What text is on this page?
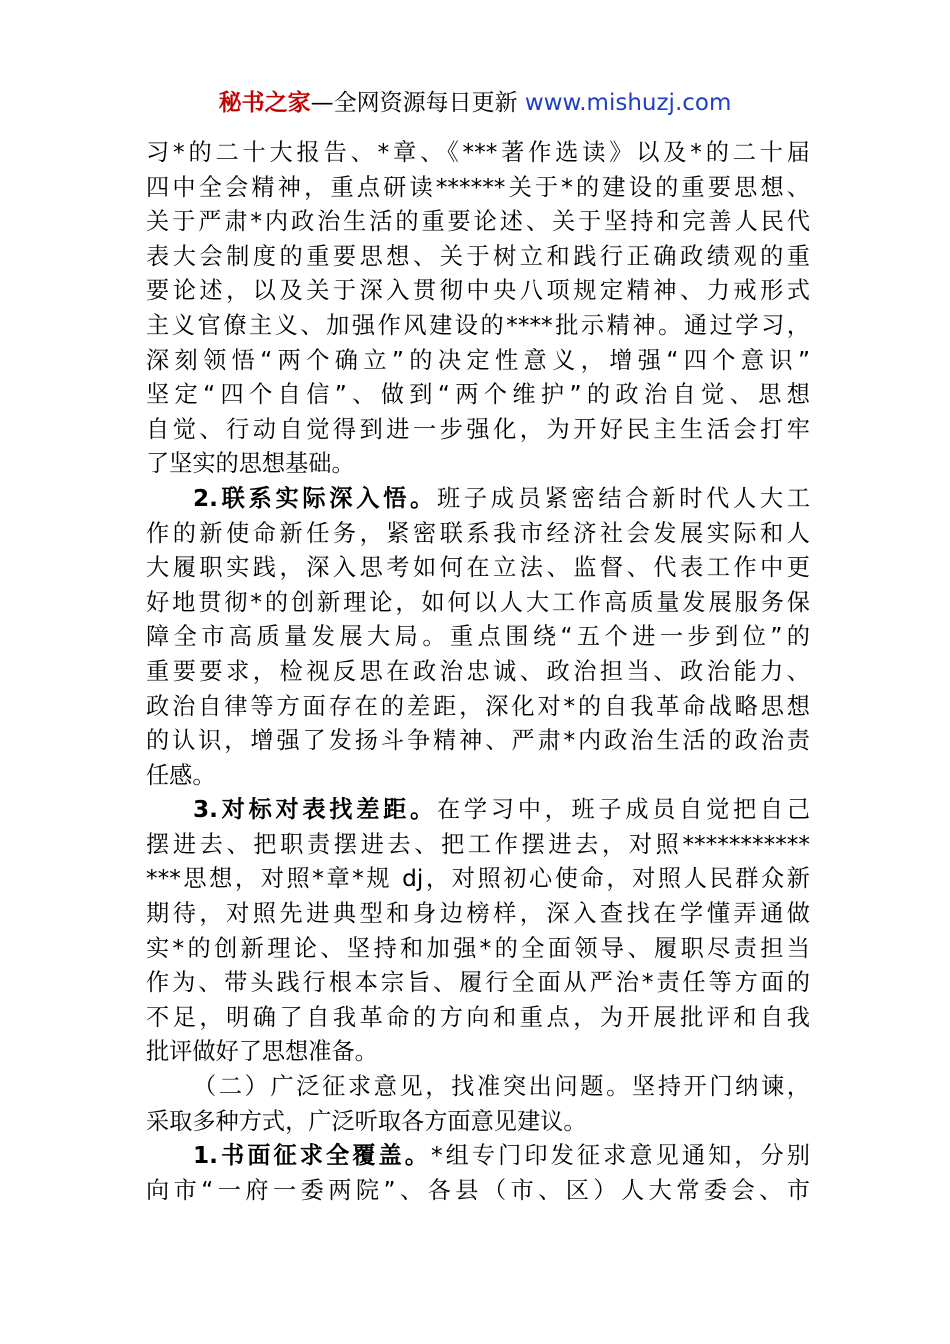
秘书之家—全网资源每日更新 www.mishuzj.com
习*的二十大报告、*章、《***著作选读》以及*的二十届
四中全会精神，重点研读******关于*的建设的重要思想、
关于严肃*内政治生活的重要论述、关于坚持和完善人民代
表大会制度的重要思想、关于树立和践行正确政绩观的重
要论述，以及关于深入贯彻中央八项规定精神、力戒形式
主义官僚主义、加强作风建设的****批示精神。通过学习，
深刻领悟“两个确立”的决定性意义，增强“四个意识”
坚定“四个自信”、做到“两个维护”的政治自觉、思想
自觉、行动自觉得到进一步强化，为开好民主生活会打牢
了坚实的思想基础。
2.联系实际深入悟。班子成员紧密结合新时代人大工
作的新使命新任务，紧密联系我市经济社会发展实际和人
大履职实践，深入思考如何在立法、监督、代表工作中更
好地贯彻*的创新理论，如何以人大工作高质量发展服务保
障全市高质量发展大局。重点围绕“五个进一步到位”的
重要要求，检视反思在政治忠诚、政治担当、政治能力、
政治自律等方面存在的差距，深化对*的自我革命战略思想
的认识，增强了发扬斗争精神、严肃*内政治生活的政治责
任感。
3.对标对表找差距。在学习中，班子成员自觉把自己
摆进去、把职责摆进去、把工作摆进去，对照***********
***思想，对照*章*规 dj，对照初心使命，对照人民群众新
期待，对照先进典型和身边榜样，深入查找在学懂弄通做
实*的创新理论、坚持和加强*的全面领导、履职尽责担当
作为、带头践行根本宗旨、履行全面从严治*责任等方面的
不足，明确了自我革命的方向和重点，为开展批评和自我
批评做好了思想准备。
（二）广泛征求意见，找准突出问题。坚持开门纳谏，
采取多种方式，广泛听取各方面意见建议。
1.书面征求全覆盖。*组专门印发征求意见通知，分别
向市“一府一委两院”、各县（市、区）人大常委会、市
